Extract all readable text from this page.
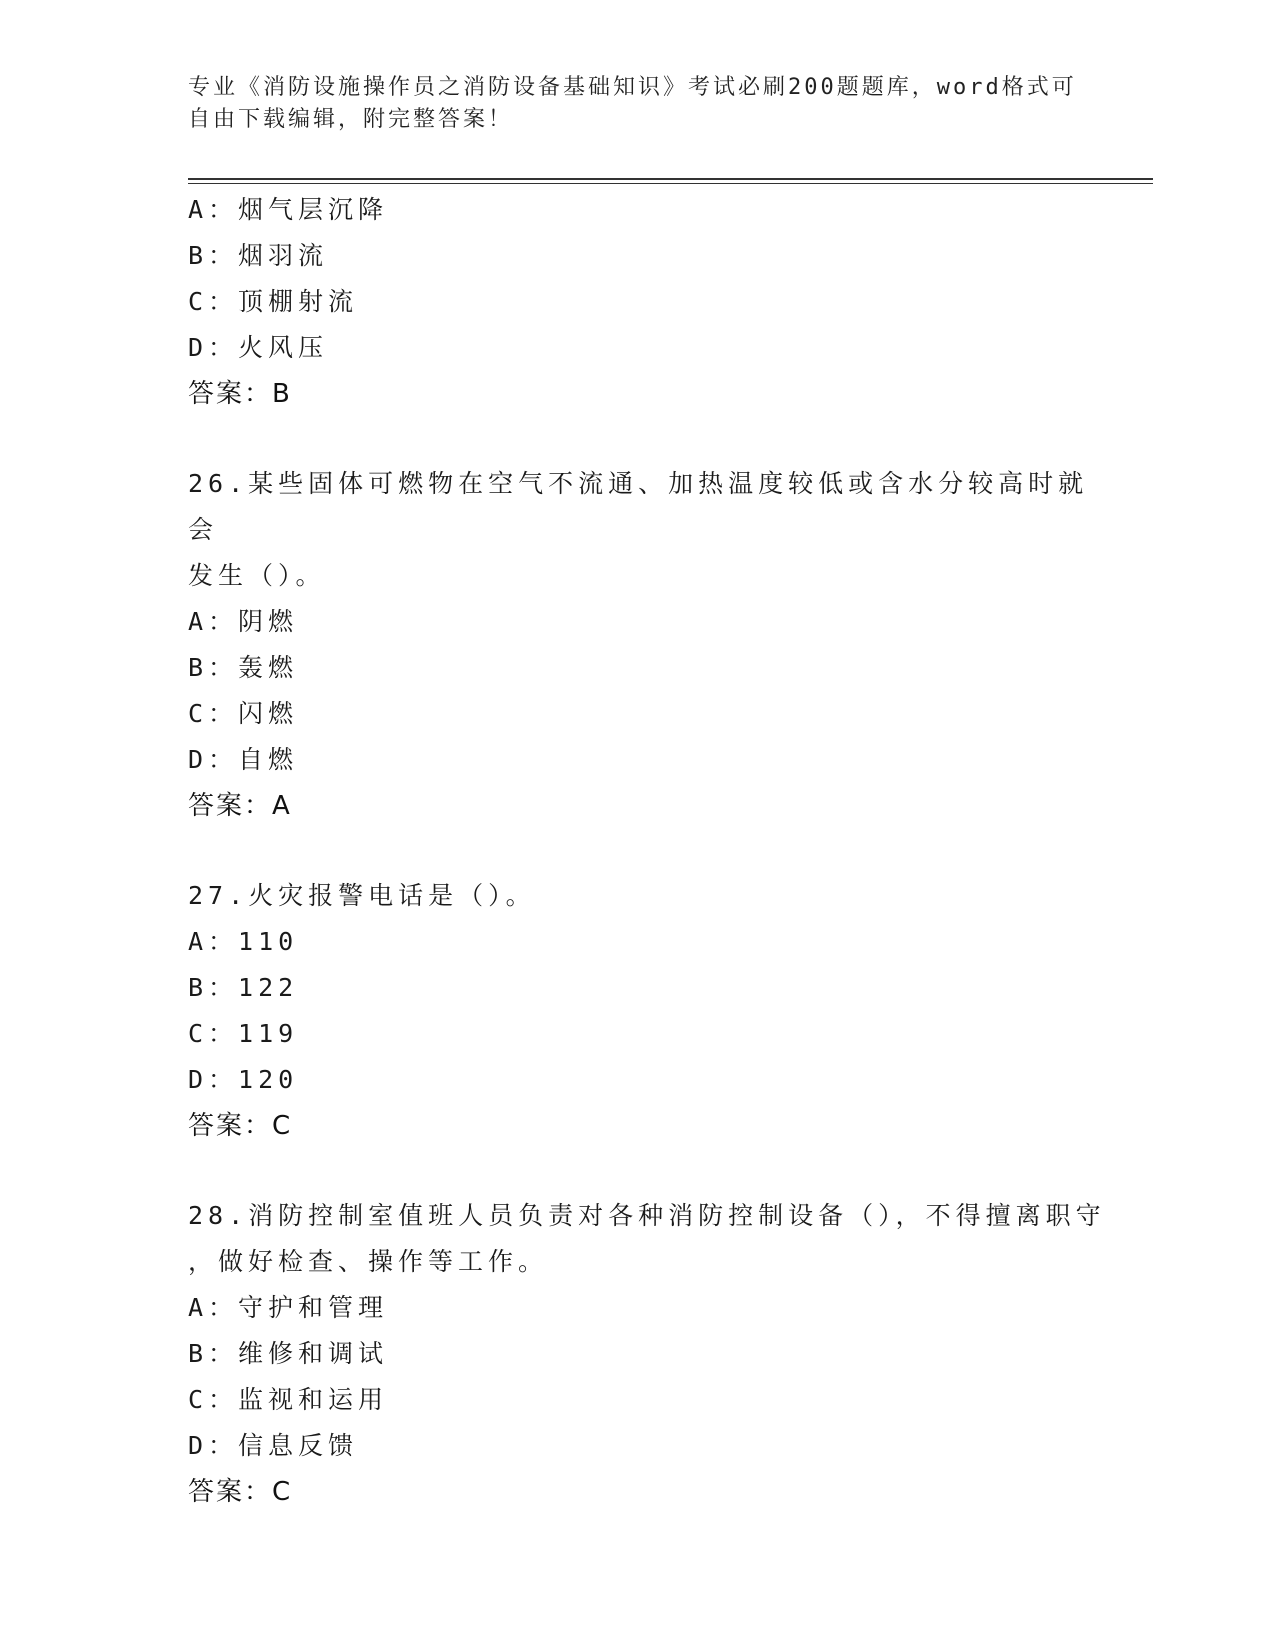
专业《消防设施操作员之消防设备基础知识》考试必刷200题题库，word格式可
自由下载编辑，附完整答案！
A：烟气层沉降
B：烟羽流
C：顶棚射流
D：火风压
答案：B
26.某些固体可燃物在空气不流通、加热温度较低或含水分较高时就会
发生（）。
A：阴燃
B：轰燃
C：闪燃
D：自燃
答案：A
27.火灾报警电话是（）。
A：110
B：122
C：119
D：120
答案：C
28.消防控制室值班人员负责对各种消防控制设备（），不得擅离职守
，做好检查、操作等工作。
A：守护和管理
B：维修和调试
C：监视和运用
D：信息反馈
答案：C
